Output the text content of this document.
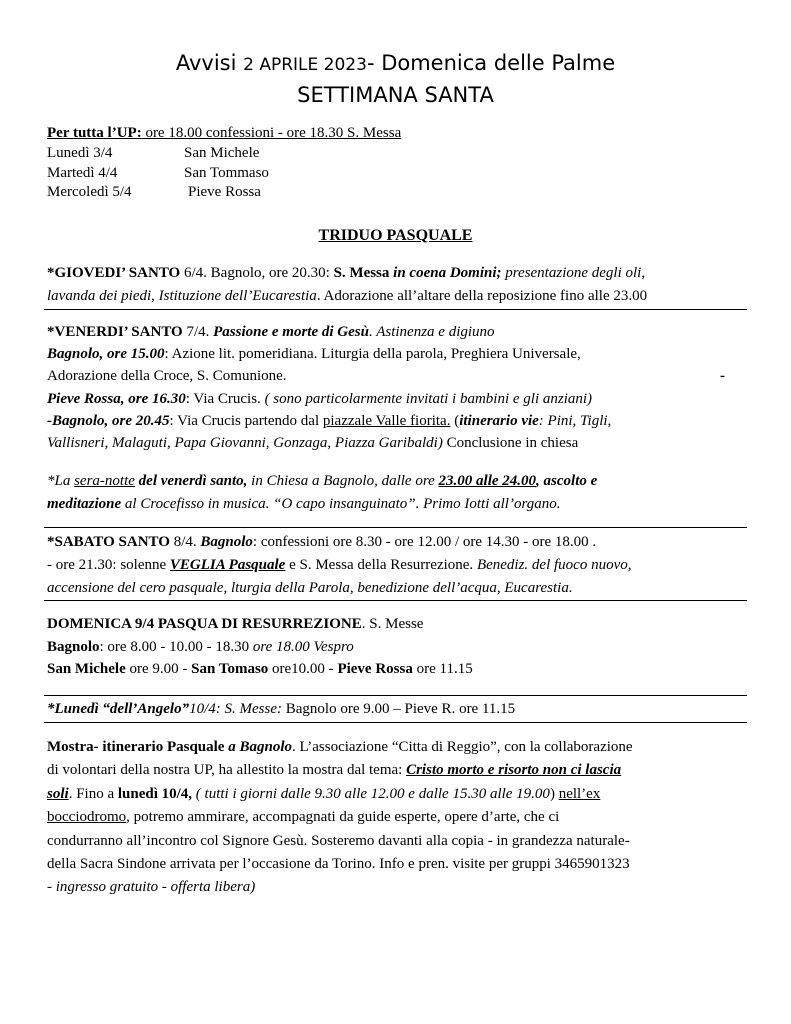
Avvisi 2 APRILE 2023- Domenica delle Palme
SETTIMANA SANTA
Per tutta l’UP: ore 18.00 confessioni - ore 18.30 S. Messa
Lunedì 3/4	San Michele
Martedì 4/4	San Tommaso
Mercoledì 5/4	Pieve Rossa
TRIDUO PASQUALE
*GIOVEDI’ SANTO 6/4. Bagnolo, ore 20.30: S. Messa in coena Domini; presentazione degli oli,
lavanda dei piedi, Istituzione dell’Eucarestia. Adorazione all’altare della reposizione fino alle 23.00
*VENERDI’ SANTO 7/4. Passione e morte di Gesù. Astinenza e digiuno
Bagnolo, ore 15.00: Azione lit. pomeridiana. Liturgia della parola, Preghiera Universale,
Adorazione della Croce, S. Comunione.	-
Pieve Rossa, ore 16.30: Via Crucis. ( sono particolarmente invitati i bambini e gli anziani)
-Bagnolo, ore 20.45: Via Crucis partendo dal piazzale Valle fiorita. (itinerario vie: Pini, Tigli,
Vallisneri, Malaguti, Papa Giovanni, Gonzaga, Piazza Garibaldi) Conclusione in chiesa
*La sera-notte del venerdì santo, in Chiesa a Bagnolo, dalle ore 23.00 alle 24.00, ascolto e
meditazione al Crocefisso in musica. “O capo insanguinato”. Primo Iotti all’organo.
*SABATO SANTO 8/4. Bagnolo: confessioni ore 8.30 - ore 12.00 / ore 14.30 - ore 18.00 .
- ore 21.30: solenne VEGLIA Pasquale e S. Messa della Resurrezione. Benediz. del fuoco nuovo,
accensione del cero pasquale, lturgia della Parola, benedizione dell’acqua, Eucarestia.
DOMENICA 9/4 PASQUA DI RESURREZIONE. S. Messe
Bagnolo: ore 8.00 - 10.00 - 18.30 ore 18.00 Vespro
San Michele ore 9.00 - San Tomaso ore10.00 - Pieve Rossa ore 11.15
*Lunedì “dell’Angelo”10/4: S. Messe: Bagnolo ore 9.00 – Pieve R. ore 11.15
Mostra- itinerario Pasquale a Bagnolo. L’associazione “Citta di Reggio”, con la collaborazione
di volontari della nostra UP, ha allestito la mostra dal tema: Cristo morto e risorto non ci lascia
soli. Fino a lunedì 10/4, ( tutti i giorni dalle 9.30 alle 12.00 e dalle 15.30 alle 19.00) nell’ex
bocciodromo, potremo ammirare, accompagnati da guide esperte, opere d’arte, che ci
condurranno all’incontro col Signore Gesù. Sosteremo davanti alla copia - in grandezza naturale-
della Sacra Sindone arrivata per l’occasione da Torino. Info e pren. visite per gruppi 3465901323
- ingresso gratuito - offerta libera)
